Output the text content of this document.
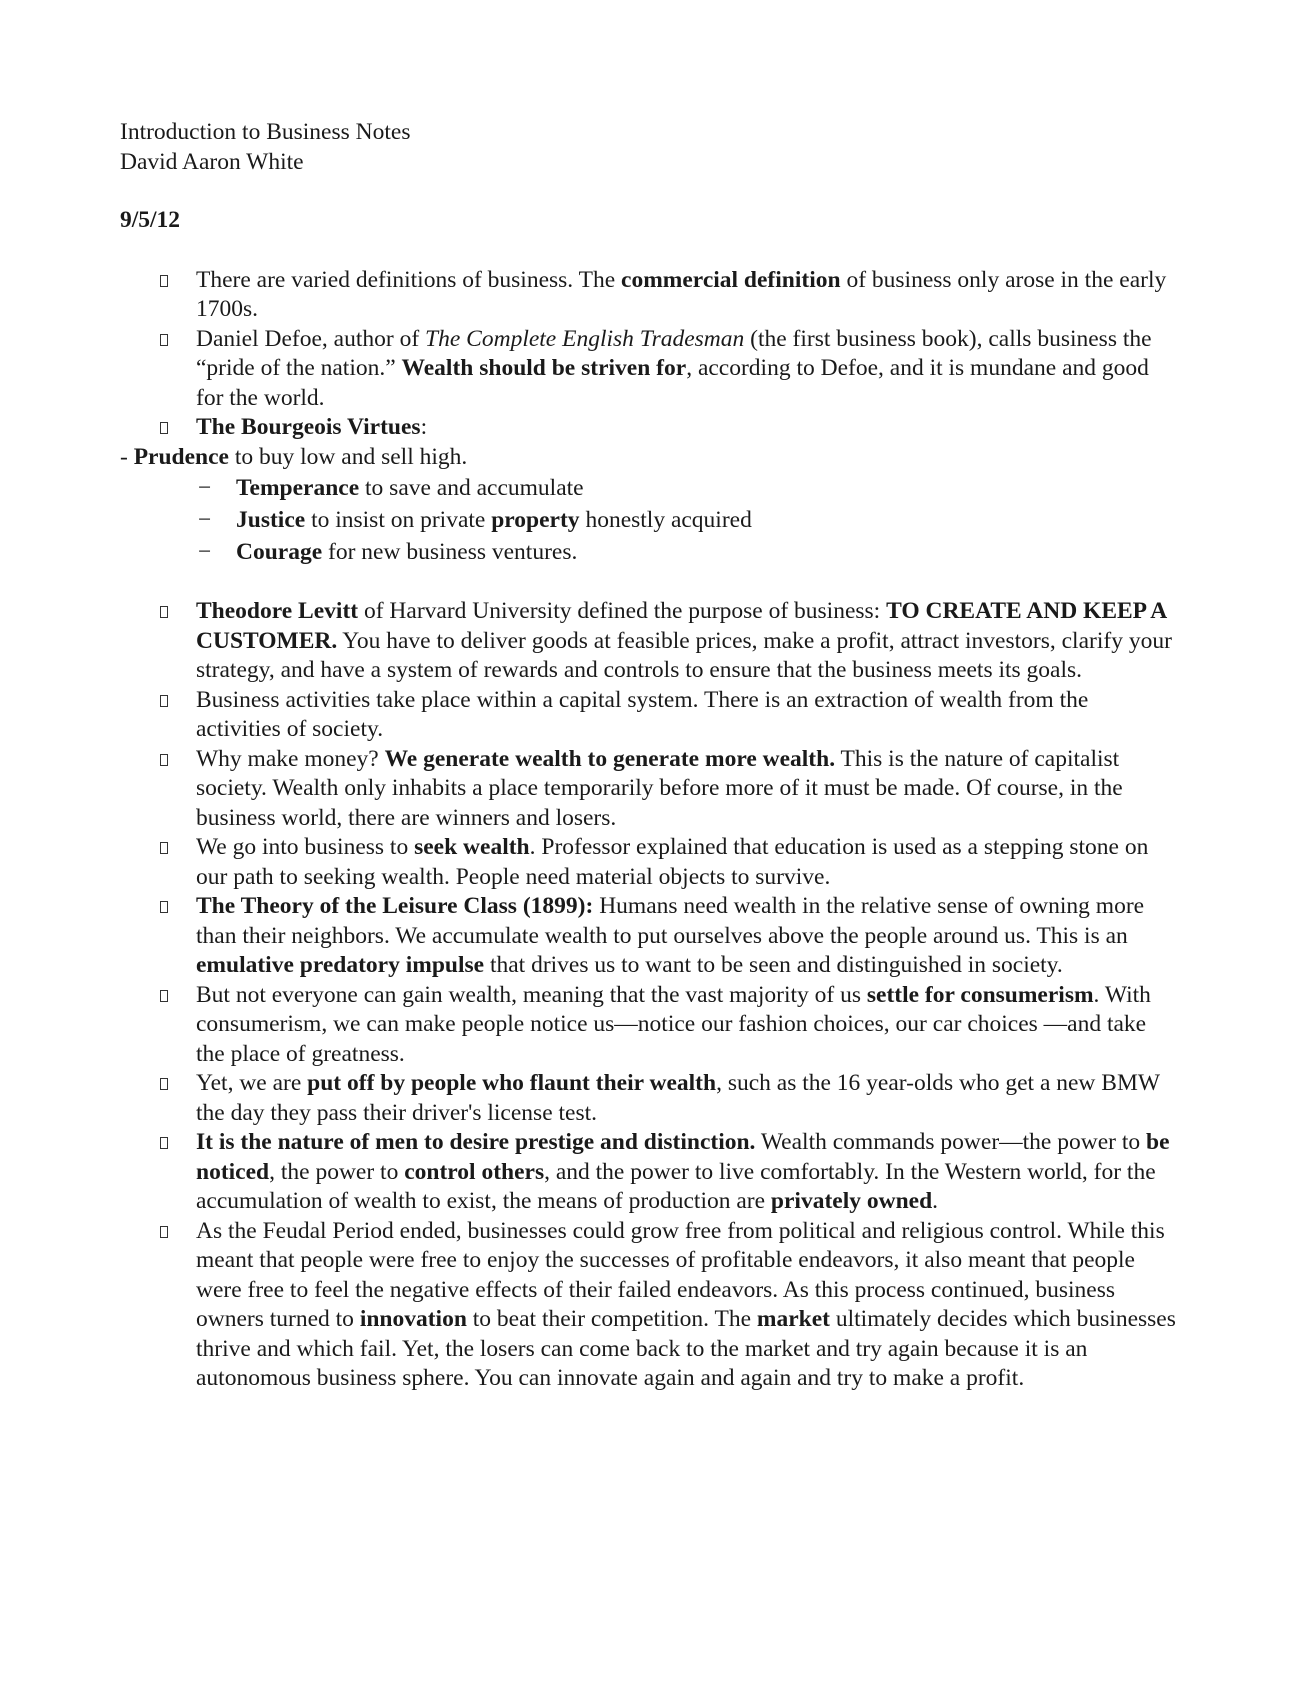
Introduction to Business Notes

David Aaron White

9/5/12

There are varied definitions of business. The commercial definition of business only arose in the early 1700s.

Daniel Defoe, author of The Complete English Tradesman (the first business book), calls business the “pride of the nation.” Wealth should be striven for, according to Defoe, and it is mundane and good for the world.

The Bourgeois Virtues:

- Prudence to buy low and sell high.

− Temperance to save and accumulate

− Justice to insist on private property honestly acquired

− Courage for new business ventures.

Theodore Levitt of Harvard University defined the purpose of business: TO CREATE AND KEEP A CUSTOMER. You have to deliver goods at feasible prices, make a profit, attract investors, clarify your strategy, and have a system of rewards and controls to ensure that the business meets its goals.

Business activities take place within a capital system. There is an extraction of wealth from the activities of society.

Why make money? We generate wealth to generate more wealth. This is the nature of capitalist society. Wealth only inhabits a place temporarily before more of it must be made. Of course, in the business world, there are winners and losers.

We go into business to seek wealth. Professor explained that education is used as a stepping stone on our path to seeking wealth. People need material objects to survive.

The Theory of the Leisure Class (1899): Humans need wealth in the relative sense of owning more than their neighbors. We accumulate wealth to put ourselves above the people around us. This is an emulative predatory impulse that drives us to want to be seen and distinguished in society.

But not everyone can gain wealth, meaning that the vast majority of us settle for consumerism. With consumerism, we can make people notice us—notice our fashion choices, our car choices —and take the place of greatness.

Yet, we are put off by people who flaunt their wealth, such as the 16 year-olds who get a new BMW the day they pass their driver's license test.

It is the nature of men to desire prestige and distinction. Wealth commands power—the power to be noticed, the power to control others, and the power to live comfortably. In the Western world, for the accumulation of wealth to exist, the means of production are privately owned.

As the Feudal Period ended, businesses could grow free from political and religious control. While this meant that people were free to enjoy the successes of profitable endeavors, it also meant that people were free to feel the negative effects of their failed endeavors. As this process continued, business owners turned to innovation to beat their competition. The market ultimately decides which businesses thrive and which fail. Yet, the losers can come back to the market and try again because it is an autonomous business sphere. You can innovate again and again and try to make a profit.
